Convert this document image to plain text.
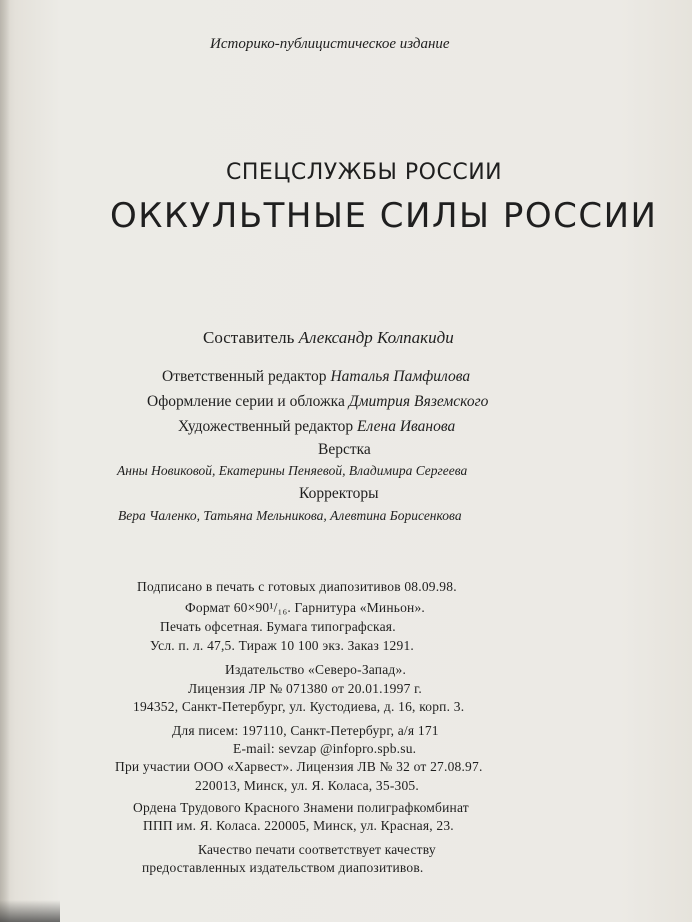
Историко-публицистическое издание
СПЕЦСЛУЖБЫ РОССИИ
ОККУЛЬТНЫЕ СИЛЫ РОССИИ
Составитель Александр Колпакиди
Ответственный редактор Наталья Памфилова
Оформление серии и обложка Дмитрия Вяземского
Художественный редактор Елена Иванова
Верстка
Анны Новиковой, Екатерины Пеняевой, Владимира Сергеева
Корректоры
Вера Чаленко, Татьяна Мельникова, Алевтина Борисенкова
Подписано в печать с готовых диапозитивов 08.09.98.
Формат 60×90¹/₁₆. Гарнитура «Миньон».
Печать офсетная. Бумага типографская.
Усл. п. л. 47,5. Тираж 10 100 экз. Заказ 1291.
Издательство «Северо-Запад».
Лицензия ЛР № 071380 от 20.01.1997 г.
194352, Санкт-Петербург, ул. Кустодиева, д. 16, корп. 3.
Для писем: 197110, Санкт-Петербург, а/я 171
E-mail: sevzap @infopro.spb.su.
При участии ООО «Харвест». Лицензия ЛВ № 32 от 27.08.97.
220013, Минск, ул. Я. Коласа, 35-305.
Ордена Трудового Красного Знамени полиграфкомбинат
ППП им. Я. Коласа. 220005, Минск, ул. Красная, 23.
Качество печати соответствует качеству
предоставленных издательством диапозитивов.
